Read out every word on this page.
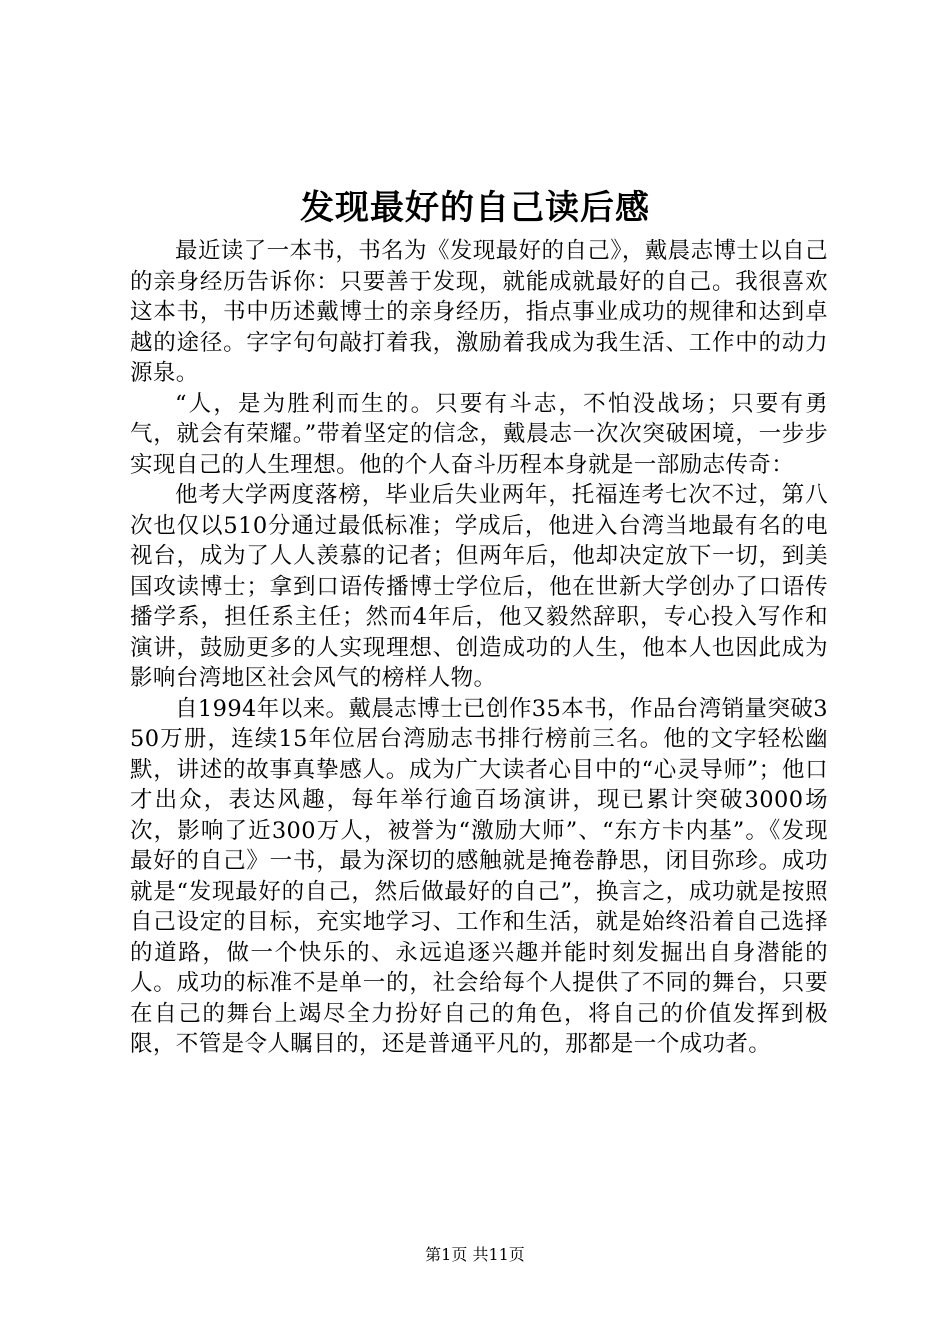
发现最好的自己读后感

最近读了一本书，书名为《发现最好的自己》，戴晨志博士以自己的亲身经历告诉你：只要善于发现，就能成就最好的自己。我很喜欢这本书，书中历述戴博士的亲身经历，指点事业成功的规律和达到卓越的途径。字字句句敲打着我，激励着我成为我生活、工作中的动力源泉。

“人，是为胜利而生的。只要有斗志，不怕没战场；只要有勇气，就会有荣耀。”带着坚定的信念，戴晨志一次次突破困境，一步步实现自己的人生理想。他的个人奋斗历程本身就是一部励志传奇：

他考大学两度落榜，毕业后失业两年，托福连考七次不过，第八次也仅以510分通过最低标准；学成后，他进入台湾当地最有名的电视台，成为了人人羡慕的记者；但两年后，他却决定放下一切，到美国攻读博士；拿到口语传播博士学位后，他在世新大学创办了口语传播学系，担任系主任；然而4年后，他又毅然辞职，专心投入写作和演讲，鼓励更多的人实现理想、创造成功的人生，他本人也因此成为影响台湾地区社会风气的榜样人物。

自1994年以来。戴晨志博士已创作35本书，作品台湾销量突破350万册，连续15年位居台湾励志书排行榜前三名。他的文字轻松幽默，讲述的故事真挚感人。成为广大读者心目中的“心灵导师”；他口才出众，表达风趣，每年举行逾百场演讲，现已累计突破3000场次，影响了近300万人，被誉为“激励大师”、“东方卡内基”。《发现最好的自己》一书，最为深切的感触就是掩卷静思，闭目弥珍。成功就是“发现最好的自己，然后做最好的自己”，换言之，成功就是按照自己设定的目标，充实地学习、工作和生活，就是始终沿着自己选择的道路，做一个快乐的、永远追逐兴趣并能时刻发掘出自身潜能的人。成功的标准不是单一的，社会给每个人提供了不同的舞台，只要在自己的舞台上竭尽全力扮好自己的角色，将自己的价值发挥到极限，不管是令人瞩目的，还是普通平凡的，那都是一个成功者。

第1页 共11页
